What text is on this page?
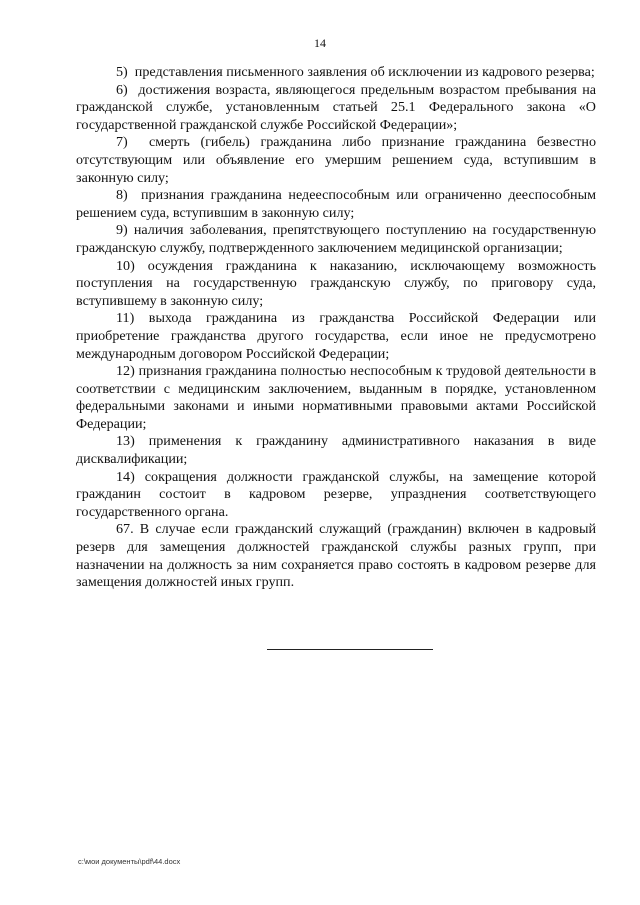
14

5)  представления письменного заявления об исключении из кадрового резерва;

6)  достижения возраста, являющегося предельным возрастом пребывания на гражданской службе, установленным статьей 25.1 Федерального закона «О государственной гражданской службе Российской Федерации»;

7)  смерть (гибель) гражданина либо признание гражданина безвестно отсутствующим или объявление его умершим решением суда, вступившим в законную силу;

8)  признания гражданина недееспособным или ограниченно дееспособным решением суда, вступившим в законную силу;

9) наличия заболевания, препятствующего поступлению на государственную гражданскую службу, подтвержденного заключением медицинской организации;

10) осуждения гражданина к наказанию, исключающему возможность поступления на государственную гражданскую службу, по приговору суда, вступившему в законную силу;

11) выхода гражданина из гражданства Российской Федерации или приобретение гражданства другого государства, если иное не предусмотрено международным договором Российской Федерации;

12) признания гражданина полностью неспособным к трудовой деятельности в соответствии с медицинским заключением, выданным в порядке, установленном федеральными законами и иными нормативными правовыми актами Российской Федерации;

13) применения к гражданину административного наказания в виде дисквалификации;

14) сокращения должности гражданской службы, на замещение которой гражданин состоит в кадровом резерве, упразднения соответствующего государственного органа.

67. В случае если гражданский служащий (гражданин) включен в кадровый резерв для замещения должностей гражданской службы разных групп, при назначении на должность за ним сохраняется право состоять в кадровом резерве для замещения должностей иных групп.

c:\мои документы\pdf\44.docx
